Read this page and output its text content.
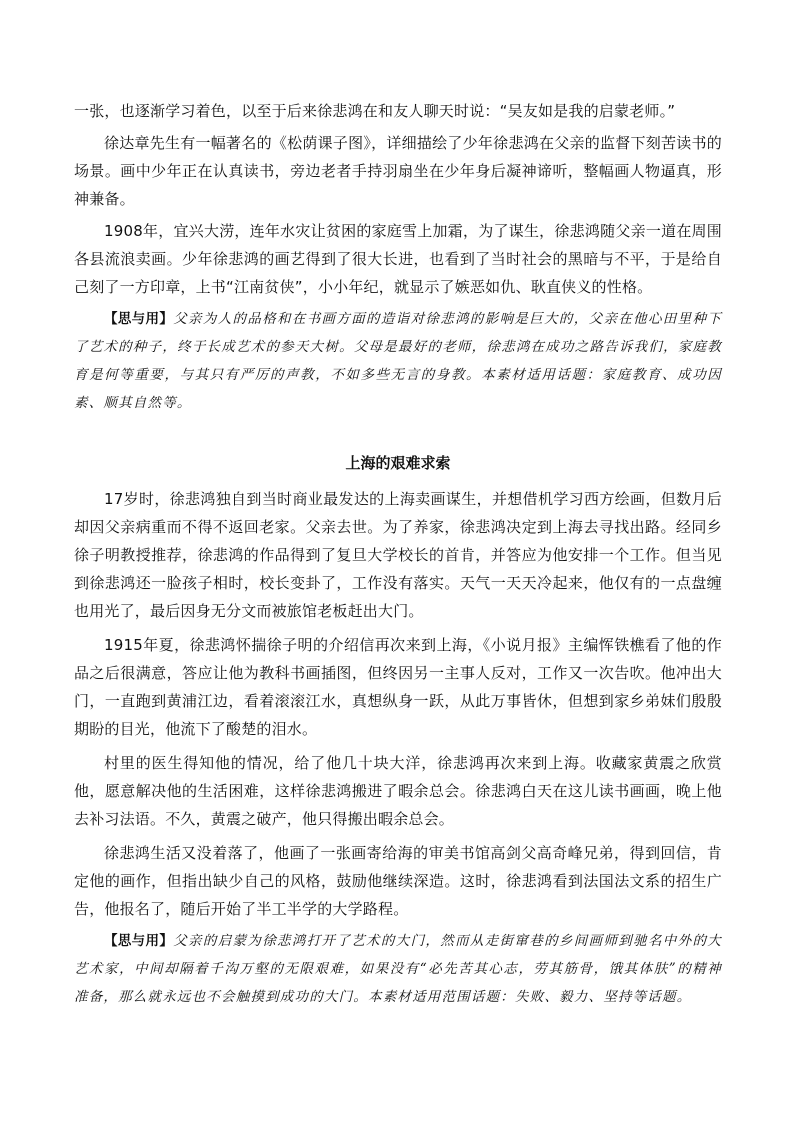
一张，也逐渐学习着色，以至于后来徐悲鸿在和友人聊天时说：“吴友如是我的启蒙老师。”

徐达章先生有一幅著名的《松荫课子图》，详细描绘了少年徐悲鸿在父亲的监督下刻苦读书的场景。画中少年正在认真读书，旁边老者手持羽扇坐在少年身后凝神谛听，整幅画人物逼真，形神兼备。

1908年，宜兴大涝，连年水灾让贫困的家庭雪上加霜，为了谋生，徐悲鸿随父亲一道在周围各县流浪卖画。少年徐悲鸿的画艺得到了很大长进，也看到了当时社会的黑暗与不平，于是给自己刻了一方印章，上书“江南贫侠”，小小年纪，就显示了嫉恶如仇、耿直侠义的性格。

【思与用】父亲为人的品格和在书画方面的造诣对徐悲鸿的影响是巨大的，父亲在他心田里种下了艺术的种子，终于长成艺术的参天大树。父母是最好的老师，徐悲鸿在成功之路告诉我们，家庭教育是何等重要，与其只有严厉的声教，不如多些无言的身教。本素材适用话题：家庭教育、成功因素、顺其自然等。

上海的艰难求索

17岁时，徐悲鸿独自到当时商业最发达的上海卖画谋生，并想借机学习西方绘画，但数月后却因父亲病重而不得不返回老家。父亲去世。为了养家，徐悲鸿决定到上海去寻找出路。经同乡徐子明教授推荐，徐悲鸿的作品得到了复旦大学校长的首肯，并答应为他安排一个工作。但当见到徐悲鸿还一脸孩子相时，校长变卦了，工作没有落实。天气一天天冷起来，他仅有的一点盘缠也用光了，最后因身无分文而被旅馆老板赶出大门。

1915年夏，徐悲鸿怀揣徐子明的介绍信再次来到上海，《小说月报》主编恽铁樵看了他的作品之后很满意，答应让他为教科书画插图，但终因另一主事人反对，工作又一次告吹。他冲出大门，一直跑到黄浦江边，看着滚滚江水，真想纵身一跃，从此万事皆休，但想到家乡弟妹们殷殷期盼的目光，他流下了酸楚的泪水。

村里的医生得知他的情况，给了他几十块大洋，徐悲鸿再次来到上海。收藏家黄震之欣赏他，愿意解决他的生活困难，这样徐悲鸿搬进了暇余总会。徐悲鸿白天在这儿读书画画，晚上他去补习法语。不久，黄震之破产，他只得搬出暇余总会。

徐悲鸿生活又没着落了，他画了一张画寄给海的审美书馆高剑父高奇峰兄弟，得到回信，肯定他的画作，但指出缺少自己的风格，鼓励他继续深造。这时，徐悲鸿看到法国法文系的招生广告，他报名了，随后开始了半工半学的大学路程。

【思与用】父亲的启蒙为徐悲鸿打开了艺术的大门，然而从走街窜巷的乡间画师到驰名中外的大艺术家，中间却隔着千沟万壑的无限艰难，如果没有“必先苦其心志，劳其筋骨，饿其体肤”的精神准备，那么就永远也不会触摸到成功的大门。本素材适用范围话题：失败、毅力、坚持等话题。
